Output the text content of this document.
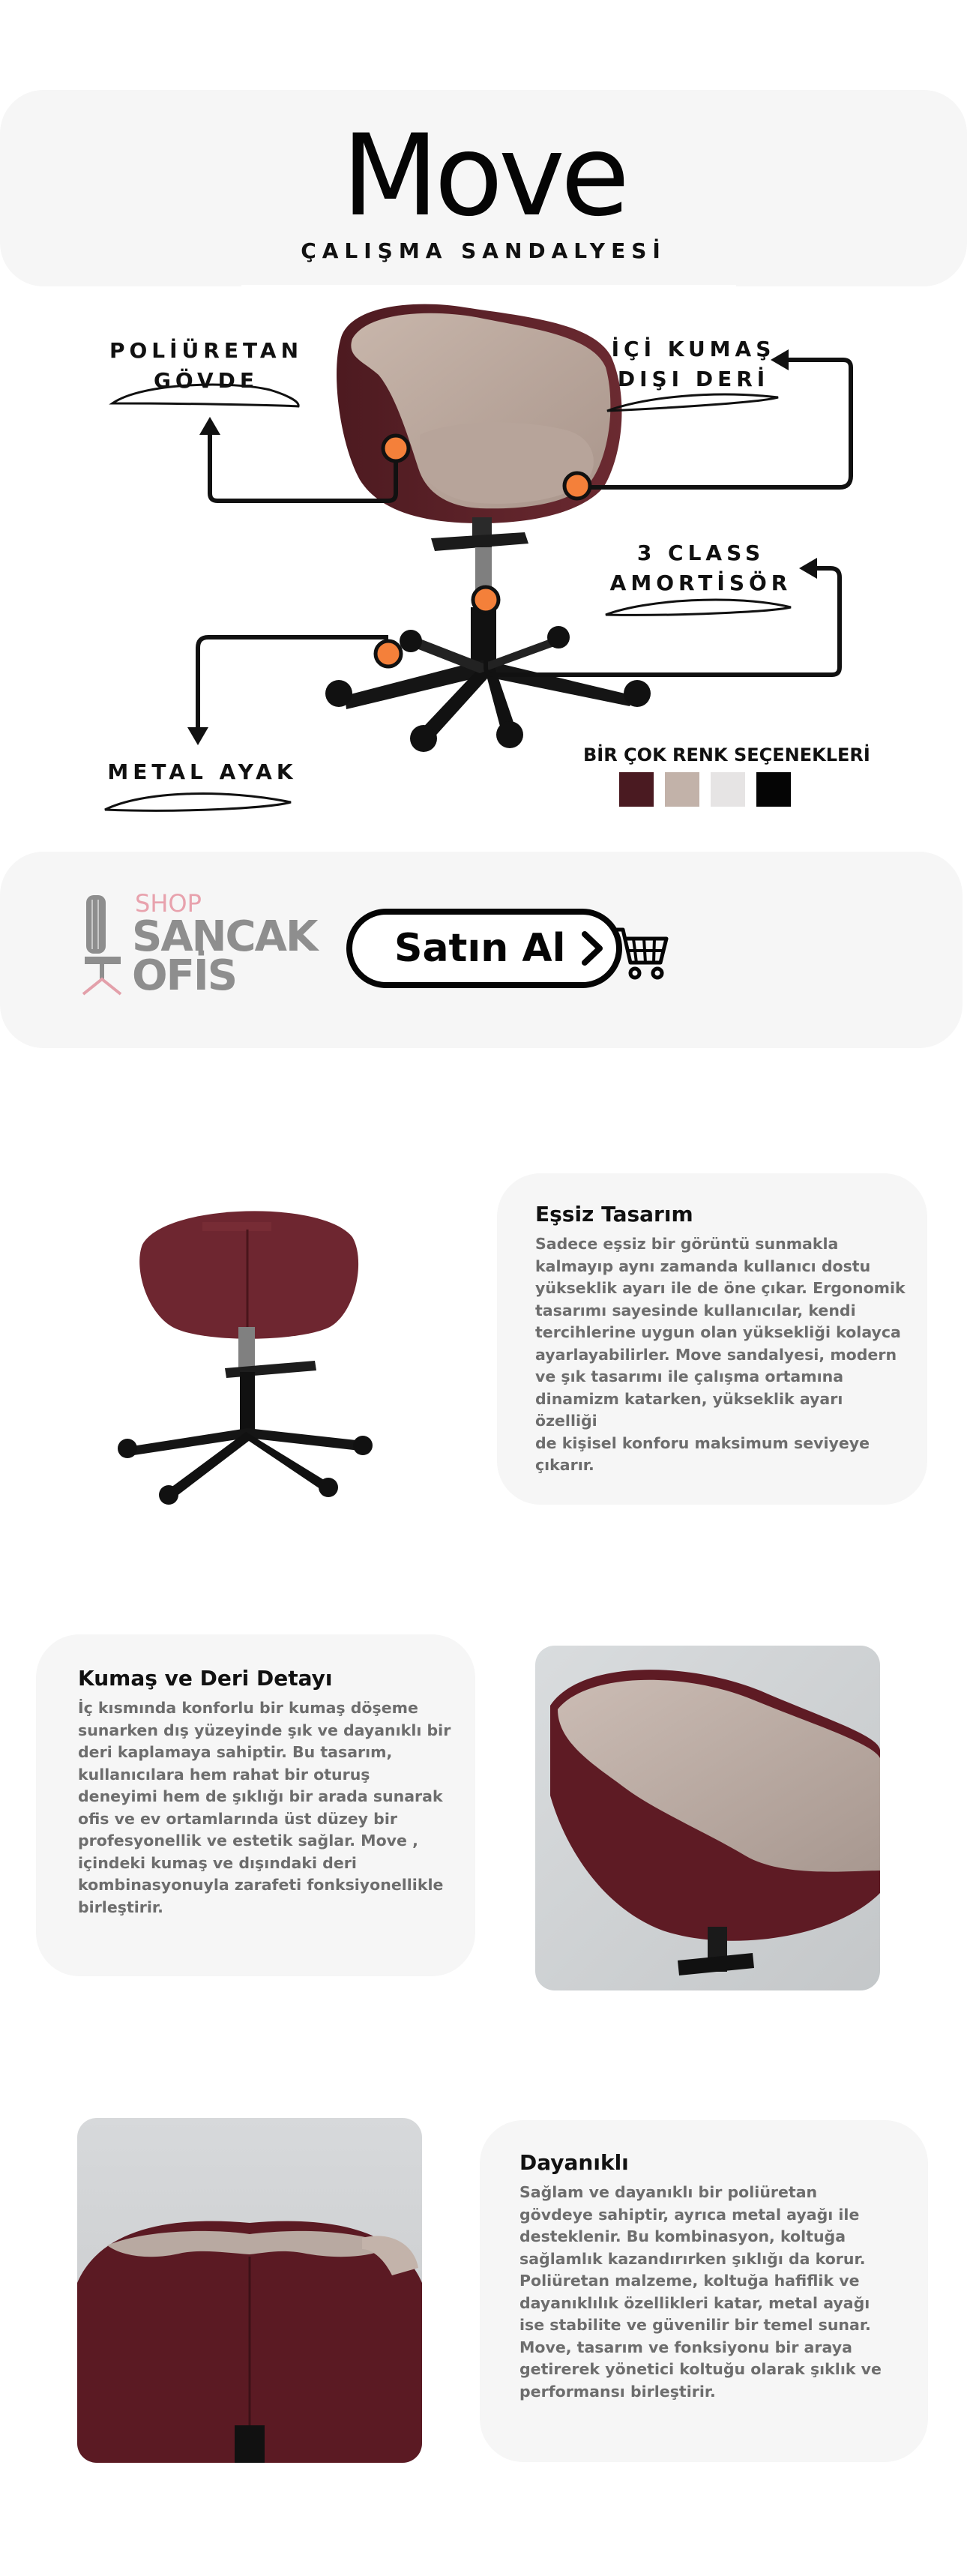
Move
ÇALIŞMA SANDALYESİ
POLİÜRETAN
GÖVDE
İÇİ KUMAŞ
DIŞI DERİ
3 CLASS
AMORTİSÖR
METAL AYAK
BİR ÇOK RENK SEÇENEKLERİ
SHOP
SANCAK
OFİS
Satın Al
Eşsiz Tasarım
Sadece eşsiz bir görüntü sunmakla
kalmayıp aynı zamanda kullanıcı dostu
yükseklik ayarı ile de öne çıkar. Ergonomik
tasarımı sayesinde kullanıcılar, kendi
tercihlerine uygun olan yüksekliği kolayca
ayarlayabilirler. Move sandalyesi, modern
ve şık tasarımı ile çalışma ortamına
dinamizm katarken, yükseklik ayarı özelliği
de kişisel konforu maksimum seviyeye
çıkarır.
Kumaş ve Deri Detayı
İç kısmında konforlu bir kumaş döşeme
sunarken dış yüzeyinde şık ve dayanıklı bir
deri kaplamaya sahiptir. Bu tasarım,
kullanıcılara hem rahat bir oturuş
deneyimi hem de şıklığı bir arada sunarak
ofis ve ev ortamlarında üst düzey bir
profesyonellik ve estetik sağlar. Move ,
içindeki kumaş ve dışındaki deri
kombinasyonuyla zarafeti fonksiyonellikle
birleştirir.
Dayanıklı
Sağlam ve dayanıklı bir poliüretan
gövdeye sahiptir, ayrıca metal ayağı ile
desteklenir. Bu kombinasyon, koltuğa
sağlamlık kazandırırken şıklığı da korur.
Poliüretan malzeme, koltuğa hafiflik ve
dayanıklılık özellikleri katar, metal ayağı
ise stabilite ve güvenilir bir temel sunar.
Move, tasarım ve fonksiyonu bir araya
getirerek yönetici koltuğu olarak şıklık ve
performansı birleştirir.
